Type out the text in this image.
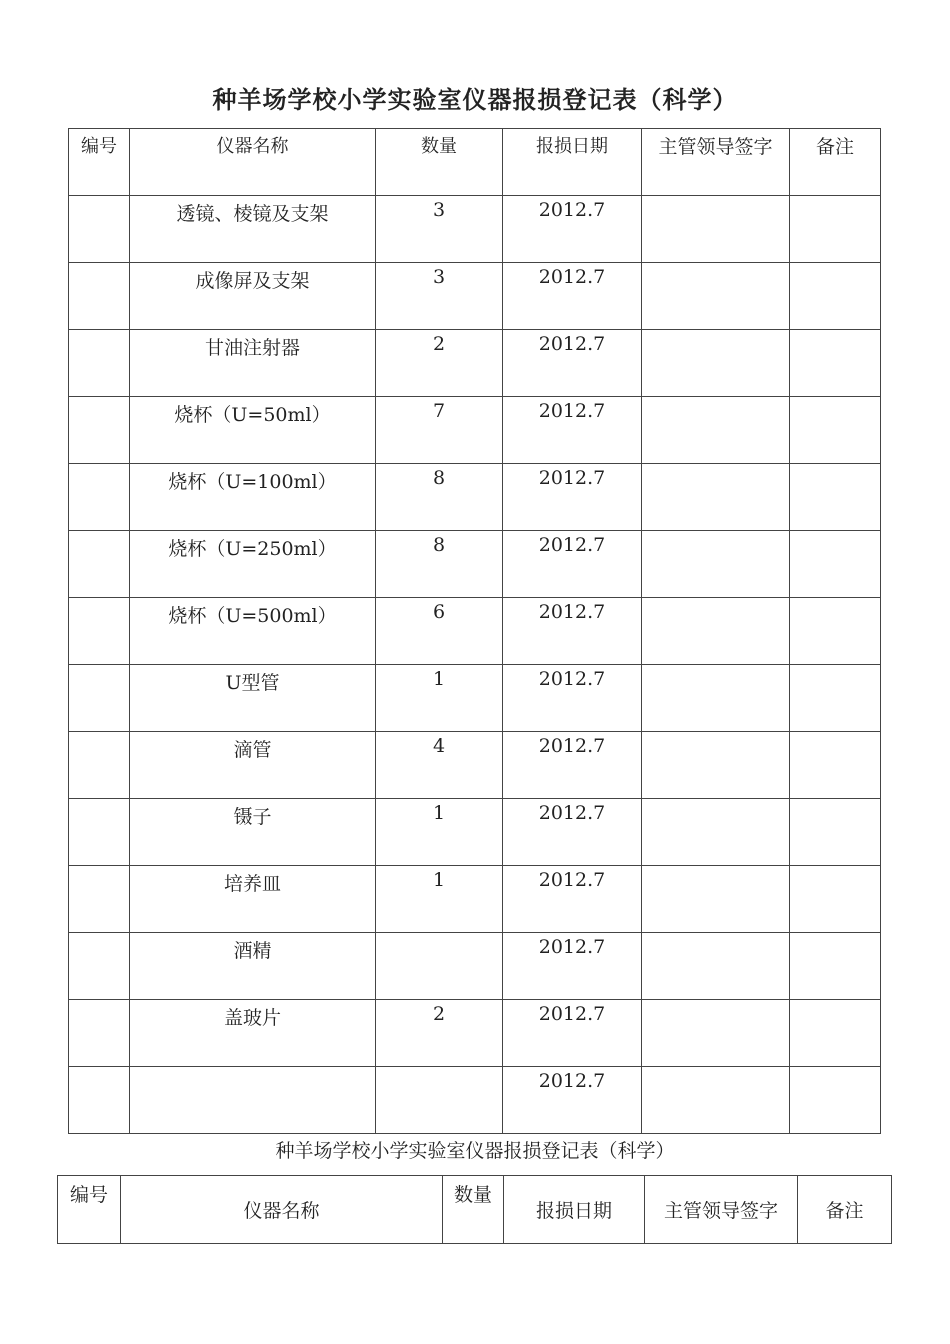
种羊场学校小学实验室仪器报损登记表（科学）
编号	仪器名称	数量	报损日期	主管领导签字	备注
	透镜、棱镜及支架	3	2012.7		
	成像屏及支架	3	2012.7		
	甘油注射器	2	2012.7		
	烧杯（U=50ml）	7	2012.7		
	烧杯（U=100ml）	8	2012.7		
	烧杯（U=250ml）	8	2012.7		
	烧杯（U=500ml）	6	2012.7		
	U型管	1	2012.7		
	滴管	4	2012.7		
	镊子	1	2012.7		
	培养皿	1	2012.7		
	酒精		2012.7		
	盖玻片	2	2012.7		
			2012.7		
种羊场学校小学实验室仪器报损登记表（科学）
编号	仪器名称	数量	报损日期	主管领导签字	备注
